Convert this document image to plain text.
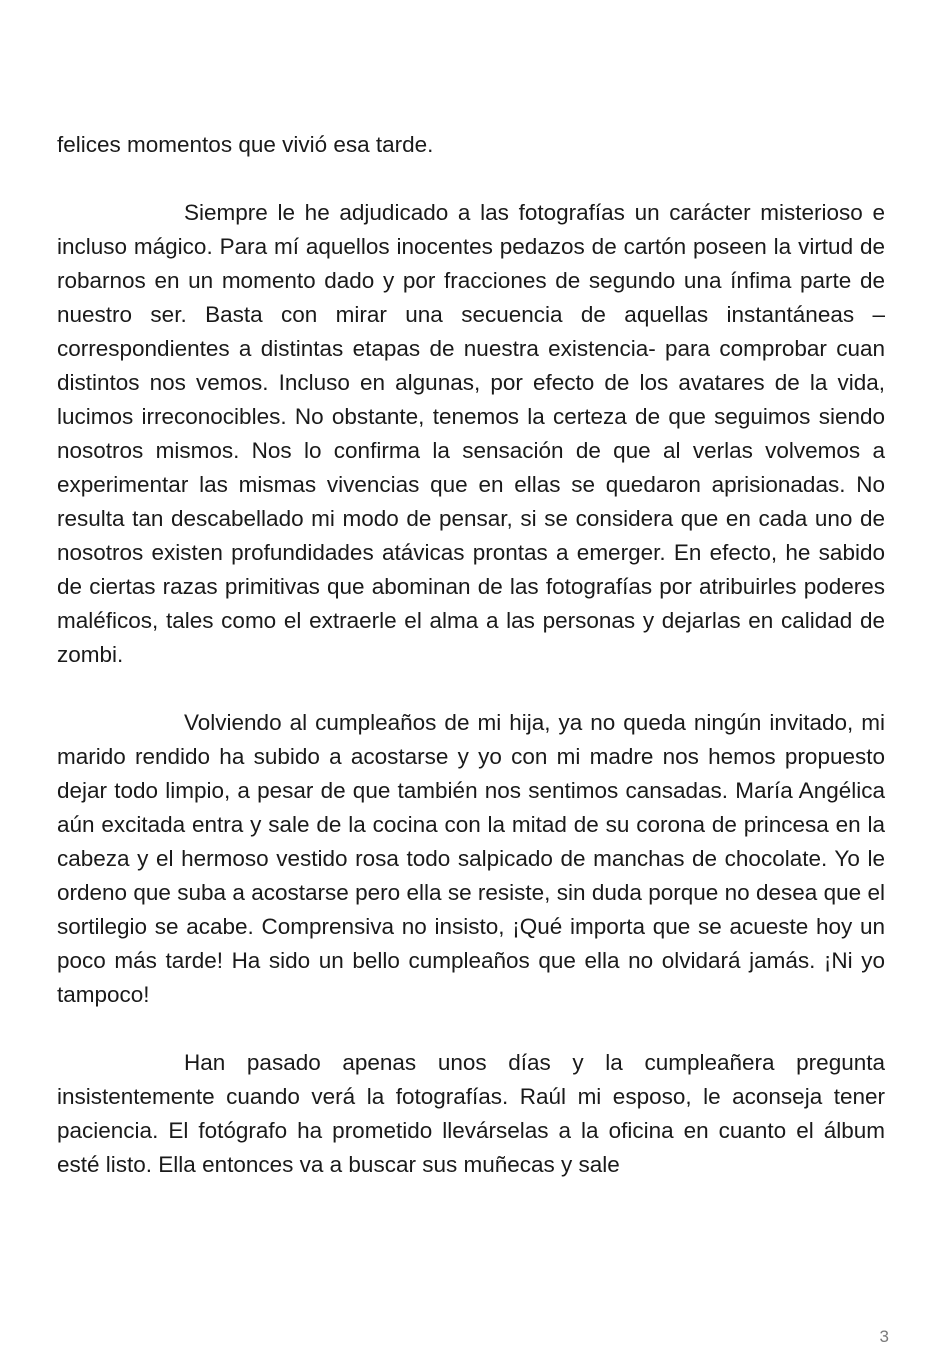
felices momentos que vivió esa tarde.

Siempre le he adjudicado a las fotografías un carácter misterioso e incluso mágico. Para mí aquellos inocentes pedazos de cartón poseen la virtud de robarnos en un momento dado y por fracciones de segundo una ínfima parte de nuestro ser. Basta con mirar una secuencia de aquellas instantáneas –correspondientes a distintas etapas de nuestra existencia- para comprobar cuan distintos nos vemos. Incluso en algunas, por efecto de los avatares de la vida, lucimos irreconocibles. No obstante, tenemos la certeza de que seguimos siendo nosotros mismos. Nos lo confirma la sensación de que al verlas volvemos a experimentar las mismas vivencias que en ellas se quedaron aprisionadas. No resulta tan descabellado mi modo de pensar, si se considera que en cada uno de nosotros existen profundidades atávicas prontas a emerger. En efecto, he sabido de ciertas razas primitivas que abominan de las fotografías por atribuirles poderes maléficos, tales como el extraerle el alma a las personas y dejarlas en calidad de zombi.

Volviendo al cumpleaños de mi hija, ya no queda ningún invitado, mi marido rendido ha subido a acostarse y yo con mi madre nos hemos propuesto dejar todo limpio, a pesar de que también nos sentimos cansadas. María Angélica aún excitada entra y sale de la cocina con la mitad de su corona de princesa en la cabeza y el hermoso vestido rosa todo salpicado de manchas de chocolate. Yo le ordeno que suba a acostarse pero ella se resiste, sin duda porque no desea que el sortilegio se acabe. Comprensiva no insisto, ¡Qué importa que se acueste hoy un poco más tarde! Ha sido un bello cumpleaños que ella no olvidará jamás. ¡Ni yo tampoco!

Han pasado apenas unos días y la cumpleañera pregunta insistentemente cuando verá la fotografías. Raúl mi esposo, le aconseja tener paciencia. El fotógrafo ha prometido llevárselas a la oficina en cuanto el álbum esté listo. Ella entonces va a buscar sus muñecas y sale

3
